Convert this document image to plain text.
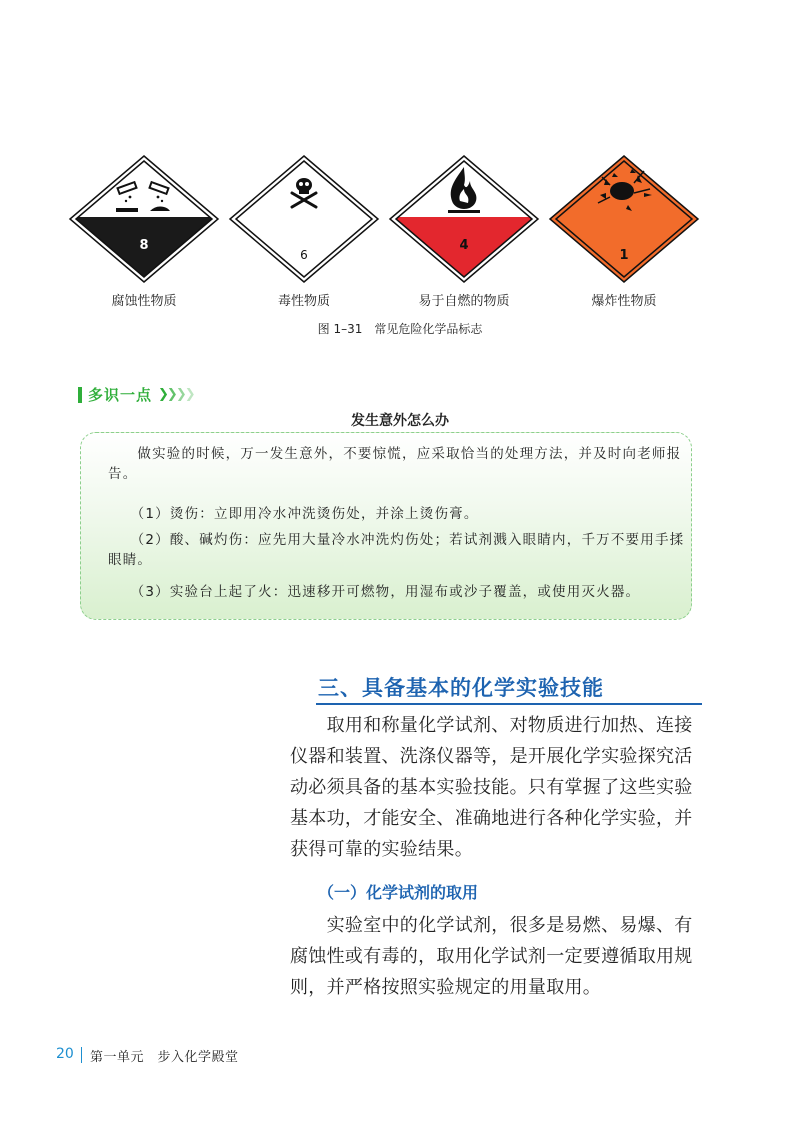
8
腐蚀性物质
6
毒性物质
4
易于自燃的物质
1
爆炸性物质
图 1–31　常见危险化学品标志
多识一点 ❯❯❯❯
发生意外怎么办
　　做实验的时候，万一发生意外，不要惊慌，应采取恰当的处理方法，并及时向老师报告。
　　（1）烫伤：立即用冷水冲洗烫伤处，并涂上烫伤膏。
　　（2）酸、碱灼伤：应先用大量冷水冲洗灼伤处；若试剂溅入眼睛内，千万不要用手揉眼睛。
　　（3）实验台上起了火：迅速移开可燃物，用湿布或沙子覆盖，或使用灭火器。
三、具备基本的化学实验技能
　　取用和称量化学试剂、对物质进行加热、连接仪器和装置、洗涤仪器等，是开展化学实验探究活动必须具备的基本实验技能。只有掌握了这些实验基本功，才能安全、准确地进行各种化学实验，并获得可靠的实验结果。
（一）化学试剂的取用
　　实验室中的化学试剂，很多是易燃、易爆、有腐蚀性或有毒的，取用化学试剂一定要遵循取用规则，并严格按照实验规定的用量取用。
20 第一单元　步入化学殿堂
